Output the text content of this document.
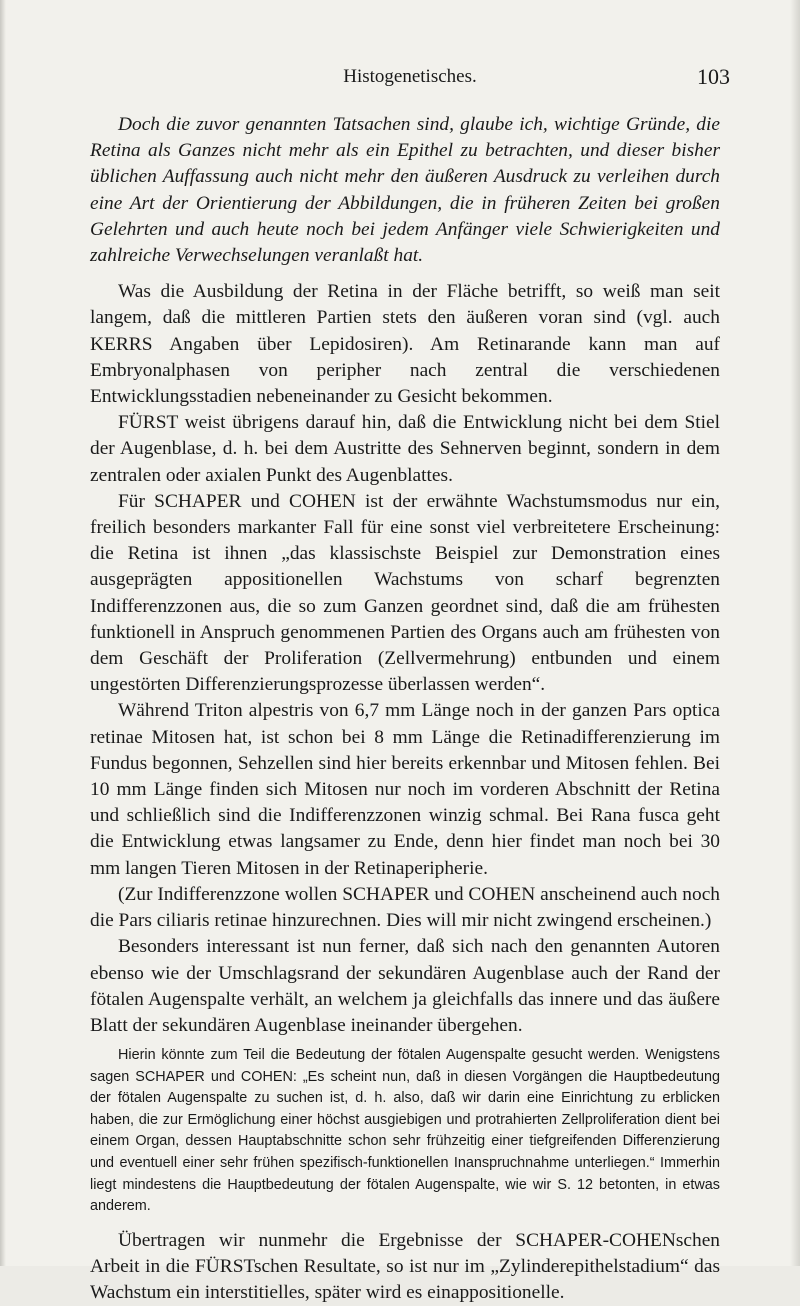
Histogenetisches.	103

Doch die zuvor genannten Tatsachen sind, glaube ich, wichtige Gründe, die Retina als Ganzes nicht mehr als ein Epithel zu betrachten, und dieser bisher üblichen Auffassung auch nicht mehr den äußeren Ausdruck zu verleihen durch eine Art der Orientierung der Abbildungen, die in früheren Zeiten bei großen Gelehrten und auch heute noch bei jedem Anfänger viele Schwierigkeiten und zahlreiche Verwechselungen veranlaßt hat.

Was die Ausbildung der Retina in der Fläche betrifft, so weiß man seit langem, daß die mittleren Partien stets den äußeren voran sind (vgl. auch KERRS Angaben über Lepidosiren). Am Retinarande kann man auf Embryonalphasen von peripher nach zentral die verschiedenen Entwicklungsstadien nebeneinander zu Gesicht bekommen.

FÜRST weist übrigens darauf hin, daß die Entwicklung nicht bei dem Stiel der Augenblase, d. h. bei dem Austritte des Sehnerven beginnt, sondern in dem zentralen oder axialen Punkt des Augenblattes.

Für SCHAPER und COHEN ist der erwähnte Wachstumsmodus nur ein, freilich besonders markanter Fall für eine sonst viel verbreitetere Erscheinung: die Retina ist ihnen „das klassischste Beispiel zur Demonstration eines ausgeprägten appositionellen Wachstums von scharf begrenzten Indifferenzzonen aus, die so zum Ganzen geordnet sind, daß die am frühesten funktionell in Anspruch genommenen Partien des Organs auch am frühesten von dem Geschäft der Proliferation (Zellvermehrung) entbunden und einem ungestörten Differenzierungsprozesse überlassen werden“.

Während Triton alpestris von 6,7 mm Länge noch in der ganzen Pars optica retinae Mitosen hat, ist schon bei 8 mm Länge die Retinadifferenzierung im Fundus begonnen, Sehzellen sind hier bereits erkennbar und Mitosen fehlen. Bei 10 mm Länge finden sich Mitosen nur noch im vorderen Abschnitt der Retina und schließlich sind die Indifferenzzonen winzig schmal. Bei Rana fusca geht die Entwicklung etwas langsamer zu Ende, denn hier findet man noch bei 30 mm langen Tieren Mitosen in der Retinaperipherie.

(Zur Indifferenzzone wollen SCHAPER und COHEN anscheinend auch noch die Pars ciliaris retinae hinzurechnen. Dies will mir nicht zwingend erscheinen.)

Besonders interessant ist nun ferner, daß sich nach den genannten Autoren ebenso wie der Umschlagsrand der sekundären Augenblase auch der Rand der fötalen Augenspalte verhält, an welchem ja gleichfalls das innere und das äußere Blatt der sekundären Augenblase ineinander übergehen.

Hierin könnte zum Teil die Bedeutung der fötalen Augenspalte gesucht werden. Wenigstens sagen SCHAPER und COHEN: „Es scheint nun, daß in diesen Vorgängen die Hauptbedeutung der fötalen Augenspalte zu suchen ist, d. h. also, daß wir darin eine Einrichtung zu erblicken haben, die zur Ermöglichung einer höchst ausgiebigen und protrahierten Zellproliferation dient bei einem Organ, dessen Hauptabschnitte schon sehr frühzeitig einer tiefgreifenden Differenzierung und eventuell einer sehr frühen spezifisch-funktionellen Inanspruchnahme unterliegen.“ Immerhin liegt mindestens die Hauptbedeutung der fötalen Augenspalte, wie wir S. 12 betonten, in etwas anderem.

Übertragen wir nunmehr die Ergebnisse der SCHAPER-COHENschen Arbeit in die FÜRSTschen Resultate, so ist nur im „Zylinderepithelstadium“ das Wachstum ein interstitielles, später wird es einappositionelle.
